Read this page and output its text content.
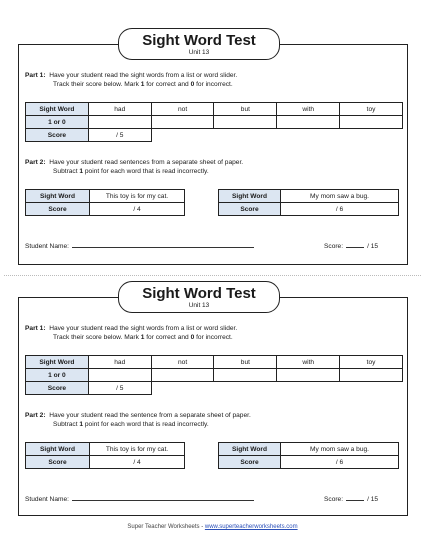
Part 1: Have your student read the sight words from a list or word slider.
Track their score below. Mark 1 for correct and 0 for incorrect.
Sight Word	had	not	but	with	toy
1 or 0					
Score	/ 5				
Part 2: Have your student read sentences from a separate sheet of paper.
Subtract 1 point for each word that is read incorrectly.
Sight Word	This toy is for my cat.
Score	/ 4
Sight Word	My mom saw a bug.
Score	/ 6
Student Name:	Score:	/ 15
Sight Word Test
Unit 13
Part 1: Have your student read the sight words from a list or word slider.
Track their score below. Mark 1 for correct and 0 for incorrect.
Sight Word	had	not	but	with	toy
1 or 0					
Score	/ 5				
Part 2: Have your student read the sentence from a separate sheet of paper.
Subtract 1 point for each word that is read incorrectly.
Sight Word	This toy is for my cat.
Score	/ 4
Sight Word	My mom saw a bug.
Score	/ 6
Student Name:	Score:	/ 15
Sight Word Test
Unit 13
Super Teacher Worksheets - www.superteacherworksheets.com
